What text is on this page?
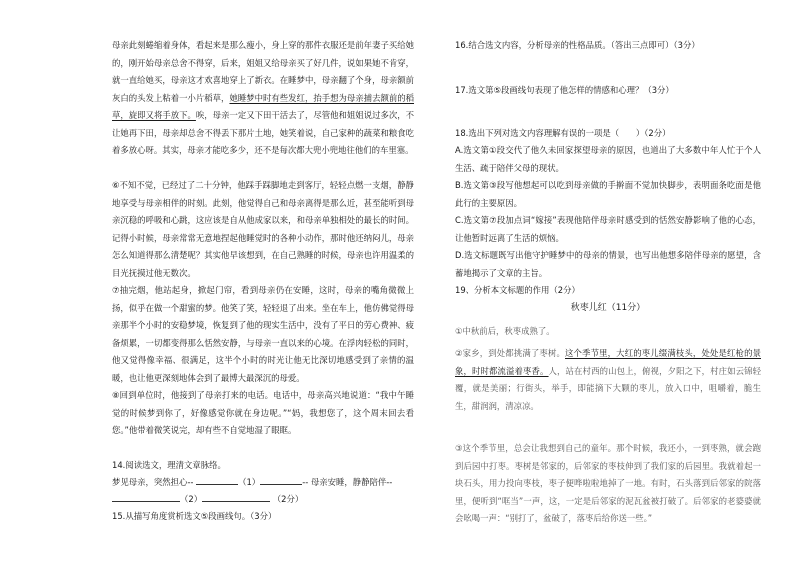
母亲此刻蜷缩着身体，看起来是那么瘦小，身上穿的那件衣服还是前年妻子买给她的，刚开始母亲总舍不得穿，后来，姐姐又给母亲买了好几件，说如果她不肯穿，就一直给她买，母亲这才欢喜地穿上了新衣。在睡梦中，母亲翻了个身，母亲额前灰白的头发上粘着一小片稻草，她睡梦中时有些发红，抬手想为母亲捕去额前的稻草，旋即又将手放下。唉，母亲一定又下田干活去了，尽管他和姐姐说过多次，不让她再下田，母亲却总舍不得丢下那片土地，她笑着说，自己家种的蔬菜和粮食吃着多放心呀。其实，母亲才能吃多少，还不是每次都大兜小兜地往他们的车里塞。

⑥不知不觉，已经过了二十分钟，他踩手踩脚地走到客厅，轻轻点燃一支烟，静静地享受与母亲相伴的时刻。此刻，他觉得自己和母亲离得是那么近，甚至能听到母亲沉稳的呼吸和心跳，这应该是自从他成家以来，和母亲单独相处的最长的时间。记得小时候，母亲常常无意地捏起他睡觉时的各种小动作，那时他还纳闷儿，母亲怎么知道得那么清楚呢？其实他早该想到，在自己熟睡的时候，母亲也许用温柔的目光抚摸过他无数次。

⑦抽完烟，他站起身，掀起门帘，看到母亲仍在安睡，这时，母亲的嘴角微微上扬，似乎在做一个甜蜜的梦。他笑了笑，轻轻退了出来。坐在车上，他仿佛觉得母亲那半个小时的安稳梦境，恢复到了他的现实生活中，没有了平日的劳心费神、疲备烦累，一切都变得那么恬然安静，与母亲一直以来的心境。在浮肉轻松的同时，他又觉得像幸福、很满足，这半个小时的时光让他无比深切地感受到了亲情的温暖，也让他更深刻地体会到了最博大最深沉的母爱。

⑧回到单位时，他接到了母亲打来的电话。电话中，母亲高兴地说道：“我中午睡觉的时候梦到你了，好像感觉你就在身边呢。”“妈，我想您了，这个周末回去看您。”他带着微笑说完，却有些不自觉地湿了眼眶。

14.阅读选文，理清文章脉络。

梦见母亲，突然担心--	（1）	-- 母亲安睡，静静陪伴--

（2）	（2分）

15.从描写角度赏析选文⑤段画线句。（3分）

16.结合选文内容，分析母亲的性格品质。（答出三点即可）（3分）

17.选文第⑤段画线句表现了他怎样的情感和心理？（3分）

18.选出下列对选文内容理解有误的一项是（　　）（2分）

A.选文第①段交代了他久未回家探望母亲的原因，也道出了大多数中年人忙于个人生活、疏于陪伴父母的现状。

B.选文第③段写他想起可以吃到母亲做的手擀面不觉加快脚步，表明面条吃面是他此行的主要原因。

C.选文第⑦段加点词“嫁接”表现他陪伴母亲时感受到的恬然安静影响了他的心态，让他暂时远离了生活的烦恼。

D.选文标题既写出他守护睡梦中的母亲的情景，也写出他想多陪伴母亲的愿望，含蓄地揭示了文章的主旨。

19、分析本文标题的作用（2分）

秋枣儿红（11分）

①中秋前后，秋枣成熟了。

②家乡，到处都挑满了枣树。这个季节里，大红的枣儿缀满枝头，处处是红枪的景象，时时都流溢着枣香。人，站在村西的山包上，俯视，夕阳之下，村庄如云锦轻覆，就是美丽；行街头，举手，即能摘下大颗的枣儿，放入口中，咀嚼着，脆生生，甜润润，清凉凉。

③这个季节里，总会让我想到自己的童年。那个时候，我还小，一到枣熟，就会跑到后园中打枣。枣树是邻家的，后邻家的枣枝伸到了我们家的后园里。我就着起一块石头，用力投向枣枝，枣子便哗啦啦地掉了一地。有时，石头落到后邻家的院落里，便听到“哐当”一声，这，一定是后邻家的泥瓦盆被打破了。后邻家的老婆婆就会吆喝一声：“别打了，盆破了，落枣后给你送一些。”
